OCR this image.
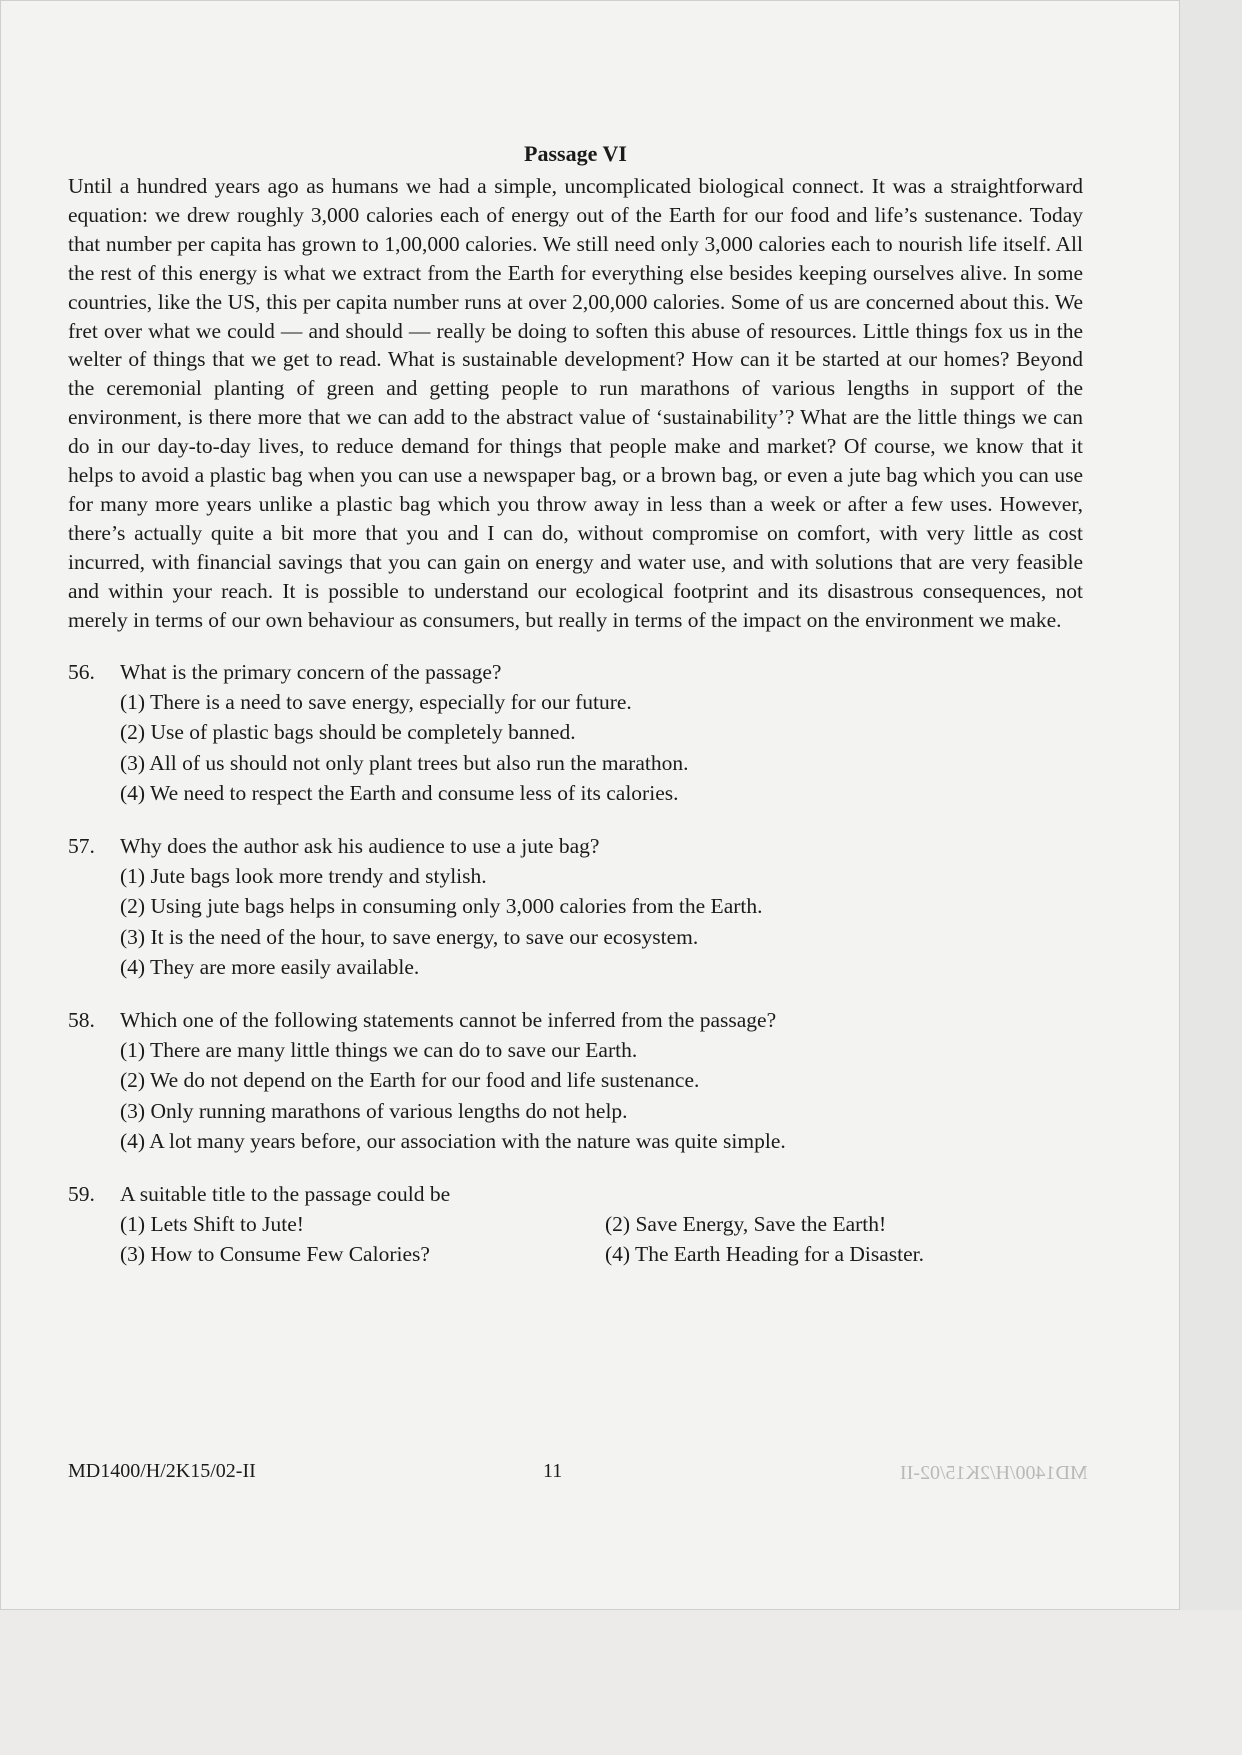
Passage VI

Until a hundred years ago as humans we had a simple, uncomplicated biological connect. It was a straightforward equation: we drew roughly 3,000 calories each of energy out of the Earth for our food and life’s sustenance. Today that number per capita has grown to 1,00,000 calories. We still need only 3,000 calories each to nourish life itself. All the rest of this energy is what we extract from the Earth for everything else besides keeping ourselves alive. In some countries, like the US, this per capita number runs at over 2,00,000 calories. Some of us are concerned about this. We fret over what we could — and should — really be doing to soften this abuse of resources. Little things fox us in the welter of things that we get to read. What is sustainable development? How can it be started at our homes? Beyond the ceremonial planting of green and getting people to run marathons of various lengths in support of the environment, is there more that we can add to the abstract value of ‘sustainability’? What are the little things we can do in our day-to-day lives, to reduce demand for things that people make and market? Of course, we know that it helps to avoid a plastic bag when you can use a newspaper bag, or a brown bag, or even a jute bag which you can use for many more years unlike a plastic bag which you throw away in less than a week or after a few uses. However, there’s actually quite a bit more that you and I can do, without compromise on comfort, with very little as cost incurred, with financial savings that you can gain on energy and water use, and with solutions that are very feasible and within your reach. It is possible to understand our ecological footprint and its disastrous consequences, not merely in terms of our own behaviour as consumers, but really in terms of the impact on the environment we make.

56.	What is the primary concern of the passage?
(1) There is a need to save energy, especially for our future.
(2) Use of plastic bags should be completely banned.
(3) All of us should not only plant trees but also run the marathon.
(4) We need to respect the Earth and consume less of its calories.
57.	Why does the author ask his audience to use a jute bag?
(1) Jute bags look more trendy and stylish.
(2) Using jute bags helps in consuming only 3,000 calories from the Earth.
(3) It is the need of the hour, to save energy, to save our ecosystem.
(4) They are more easily available.
58.	Which one of the following statements cannot be inferred from the passage?
(1) There are many little things we can do to save our Earth.
(2) We do not depend on the Earth for our food and life sustenance.
(3) Only running marathons of various lengths do not help.
(4) A lot many years before, our association with the nature was quite simple.
59.	A suitable title to the passage could be
(1) Lets Shift to Jute!	(2) Save Energy, Save the Earth!
(3) How to Consume Few Calories?	(4) The Earth Heading for a Disaster.
MD1400/H/2K15/02-II	11	MD1400/H/2K15/02-II
